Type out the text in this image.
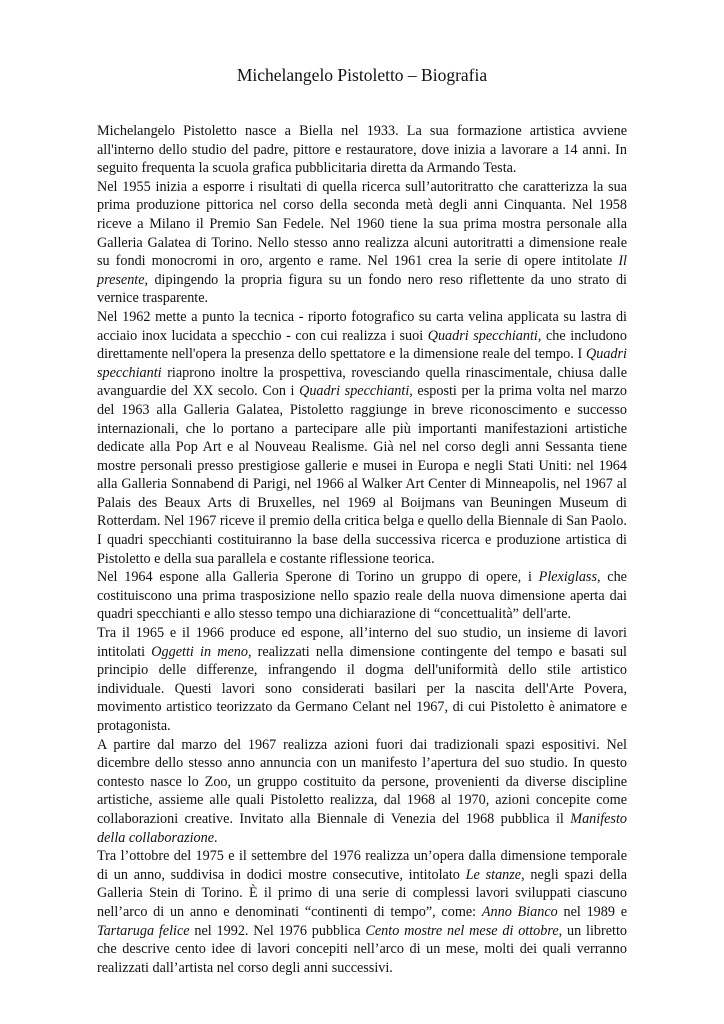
Michelangelo Pistoletto – Biografia

Michelangelo Pistoletto nasce a Biella nel 1933. La sua formazione artistica avviene all'interno dello studio del padre, pittore e restauratore, dove inizia a lavorare a 14 anni. In seguito frequenta la scuola grafica pubblicitaria diretta da Armando Testa.

Nel 1955 inizia a esporre i risultati di quella ricerca sull’autoritratto che caratterizza la sua prima produzione pittorica nel corso della seconda metà degli anni Cinquanta. Nel 1958 riceve a Milano il Premio San Fedele. Nel 1960 tiene la sua prima mostra personale alla Galleria Galatea di Torino. Nello stesso anno realizza alcuni autoritratti a dimensione reale su fondi monocromi in oro, argento e rame. Nel 1961 crea la serie di opere intitolate Il presente, dipingendo la propria figura su un fondo nero reso riflettente da uno strato di vernice trasparente.

Nel 1962 mette a punto la tecnica - riporto fotografico su carta velina applicata su lastra di acciaio inox lucidata a specchio - con cui realizza i suoi Quadri specchianti, che includono direttamente nell'opera la presenza dello spettatore e la dimensione reale del tempo. I Quadri specchianti riaprono inoltre la prospettiva, rovesciando quella rinascimentale, chiusa dalle avanguardie del XX secolo. Con i Quadri specchianti, esposti per la prima volta nel marzo del 1963 alla Galleria Galatea, Pistoletto raggiunge in breve riconoscimento e successo internazionali, che lo portano a partecipare alle più importanti manifestazioni artistiche dedicate alla Pop Art e al Nouveau Realisme. Già nel nel corso degli anni Sessanta tiene mostre personali presso prestigiose gallerie e musei in Europa e negli Stati Uniti: nel 1964 alla Galleria Sonnabend di Parigi, nel 1966 al Walker Art Center di Minneapolis, nel 1967 al Palais des Beaux Arts di Bruxelles, nel 1969 al Boijmans van Beuningen Museum di Rotterdam. Nel 1967 riceve il premio della critica belga e quello della Biennale di San Paolo.

I quadri specchianti costituiranno la base della successiva ricerca e produzione artistica di Pistoletto e della sua parallela e costante riflessione teorica.

Nel 1964 espone alla Galleria Sperone di Torino un gruppo di opere, i Plexiglass, che costituiscono una prima trasposizione nello spazio reale della nuova dimensione aperta dai quadri specchianti e allo stesso tempo una dichiarazione di “concettualità” dell'arte.

Tra il 1965 e il 1966 produce ed espone, all’interno del suo studio, un insieme di lavori intitolati Oggetti in meno, realizzati nella dimensione contingente del tempo e basati sul principio delle differenze, infrangendo il dogma dell'uniformità dello stile artistico individuale. Questi lavori sono considerati basilari per la nascita dell'Arte Povera, movimento artistico teorizzato da Germano Celant nel 1967, di cui Pistoletto è animatore e protagonista.

A partire dal marzo del 1967 realizza azioni fuori dai tradizionali spazi espositivi. Nel dicembre dello stesso anno annuncia con un manifesto l’apertura del suo studio. In questo contesto nasce lo Zoo, un gruppo costituito da persone, provenienti da diverse discipline artistiche, assieme alle quali Pistoletto realizza, dal 1968 al 1970, azioni concepite come collaborazioni creative. Invitato alla Biennale di Venezia del 1968 pubblica il Manifesto della collaborazione.

Tra l’ottobre del 1975 e il settembre del 1976 realizza un’opera dalla dimensione temporale di un anno, suddivisa in dodici mostre consecutive, intitolato Le stanze, negli spazi della Galleria Stein di Torino. È il primo di una serie di complessi lavori sviluppati ciascuno nell’arco di un anno e denominati “continenti di tempo”, come: Anno Bianco nel 1989 e Tartaruga felice nel 1992. Nel 1976 pubblica Cento mostre nel mese di ottobre, un libretto che descrive cento idee di lavori concepiti nell’arco di un mese, molti dei quali verranno realizzati dall’artista nel corso degli anni successivi.
